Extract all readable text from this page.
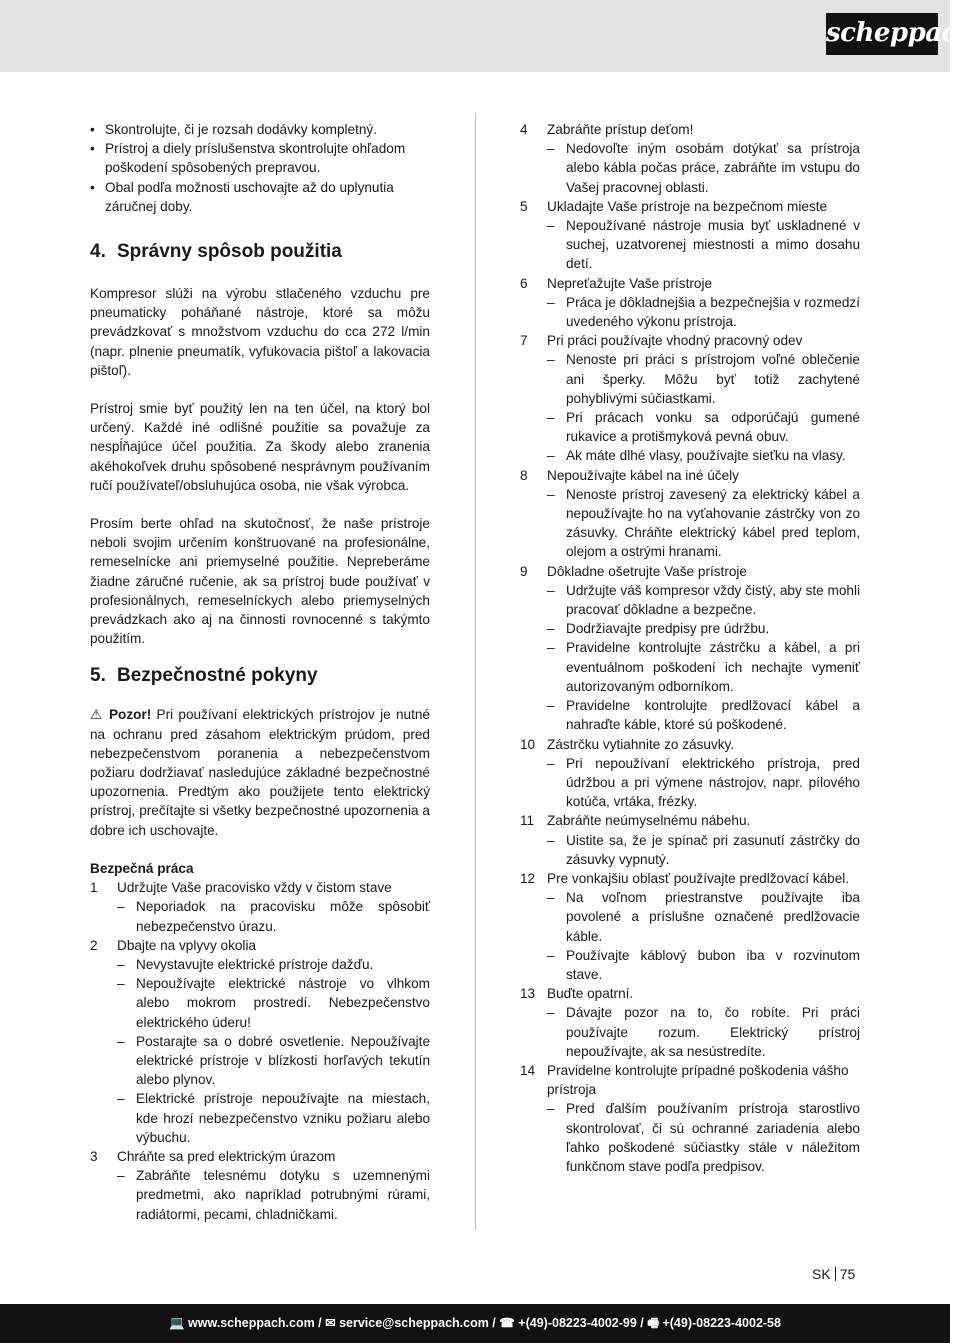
scheppach
• Skontrolujte, či je rozsah dodávky kompletný.
• Prístroj a diely príslušenstva skontrolujte ohľadom poškodení spôsobených prepravou.
• Obal podľa možnosti uschovajte až do uplynutia záručnej doby.
4. Správny spôsob použitia

Kompresor slúži na výrobu stlačeného vzduchu pre pneumaticky poháňané nástroje, ktoré sa môžu prevádzkovať s množstvom vzduchu do cca 272 l/min (napr. plnenie pneumatík, vyfukovacia pištoľ a lakovacia pištoľ).

Prístroj smie byť použitý len na ten účel, na ktorý bol určený. Každé iné odlišné použitie sa považuje za nespĺňajúce účel použitia. Za škody alebo zranenia akéhokoľvek druhu spôsobené nesprávnym používaním ručí používateľ/obsluhujúca osoba, nie však výrobca.

Prosím berte ohľad na skutočnosť, že naše prístroje neboli svojim určením konštruované na profesionálne, remeselnícke ani priemyselné použitie. Nepreberáme žiadne záručné ručenie, ak sa prístroj bude používať v profesionálnych, remeselníckych alebo priemyselných prevádzkach ako aj na činnosti rovnocenné s takýmto použitím.

5. Bezpečnostné pokyny

⚠ Pozor! Pri používaní elektrických prístrojov je nutné na ochranu pred zásahom elektrickým prúdom, pred nebezpečenstvom poranenia a nebezpečenstvom požiaru dodržiavať nasledujúce základné bezpečnostné upozornenia. Predtým ako použijete tento elektrický prístroj, prečítajte si všetky bezpečnostné upozornenia a dobre ich uschovajte.

Bezpečná práca
1 Udržujte Vaše pracovisko vždy v čistom stave
– Neporiadok na pracovisku môže spôsobiť nebezpečenstvo úrazu.
2 Dbajte na vplyvy okolia
– Nevystavujte elektrické prístroje dažďu.
– Nepoužívajte elektrické nástroje vo vlhkom alebo mokrom prostredí. Nebezpečenstvo elektrického úderu!
– Postarajte sa o dobré osvetlenie. Nepoužívajte elektrické prístroje v blízkosti horľavých tekutín alebo plynov.
– Elektrické prístroje nepoužívajte na miestach, kde hrozí nebezpečenstvo vzniku požiaru alebo výbuchu.
3 Chráňte sa pred elektrickým úrazom
– Zabráňte telesnému dotyku s uzemnenými predmetmi, ako napríklad potrubnými rúrami, radiátormi, pecami, chladničkami.
4 Zabráňte prístup deťom!
– Nedovoľte iným osobám dotýkať sa prístroja alebo kábla počas práce, zabráňte im vstupu do Vašej pracovnej oblasti.
5 Ukladajte Vaše prístroje na bezpečnom mieste
– Nepoužívané nástroje musia byť uskladnené v suchej, uzatvorenej miestnosti a mimo dosahu detí.
6 Nepreťažujte Vaše prístroje
– Práca je dôkladnejšia a bezpečnejšia v rozmedzí uvedeného výkonu prístroja.
7 Pri práci používajte vhodný pracovný odev
– Nenoste pri práci s prístrojom voľné oblečenie ani šperky. Môžu byť totiž zachytené pohyblivými súčiastkami.
– Pri prácach vonku sa odporúčajú gumené rukavice a protišmyková pevná obuv.
– Ak máte dlhé vlasy, používajte sieťku na vlasy.
8 Nepoužívajte kábel na iné účely
– Nenoste prístroj zavesený za elektrický kábel a nepoužívajte ho na vyťahovanie zástrčky von zo zásuvky. Chráňte elektrický kábel pred teplom, olejom a ostrými hranami.
9 Dôkladne ošetrujte Vaše prístroje
– Udržujte váš kompresor vždy čistý, aby ste mohli pracovať dôkladne a bezpečne.
– Dodržiavajte predpisy pre údržbu.
– Pravidelne kontrolujte zástrčku a kábel, a pri eventuálnom poškodení ich nechajte vymeniť autorizovaným odborníkom.
– Pravidelne kontrolujte predlžovací kábel a nahraďte káble, ktoré sú poškodené.
10 Zástrčku vytiahnite zo zásuvky.
– Pri nepoužívaní elektrického prístroja, pred údržbou a pri výmene nástrojov, napr. pílového kotúča, vrtáka, frézky.
11 Zabráňte neúmyselnému nábehu.
– Uistite sa, že je spínač pri zasunutí zástrčky do zásuvky vypnutý.
12 Pre vonkajšiu oblasť používajte predlžovací kábel.
– Na voľnom priestranstve používajte iba povolené a príslušne označené predlžovacie káble.
– Používajte káblový bubon iba v rozvinutom stave.
13 Buďte opatrní.
– Dávajte pozor na to, čo robíte. Pri práci používajte rozum. Elektrický prístroj nepoužívajte, ak sa nesústredíte.
14 Pravidelne kontrolujte prípadné poškodenia vášho prístroja
– Pred ďalším používaním prístroja starostlivo skontrolovať, či sú ochranné zariadenia alebo ľahko poškodené súčiastky stále v náležitom funkčnom stave podľa predpisov.
SK 75
💻 www.scheppach.com / ✉ service@scheppach.com / ☎ +(49)-08223-4002-99 / 🖷 +(49)-08223-4002-58
